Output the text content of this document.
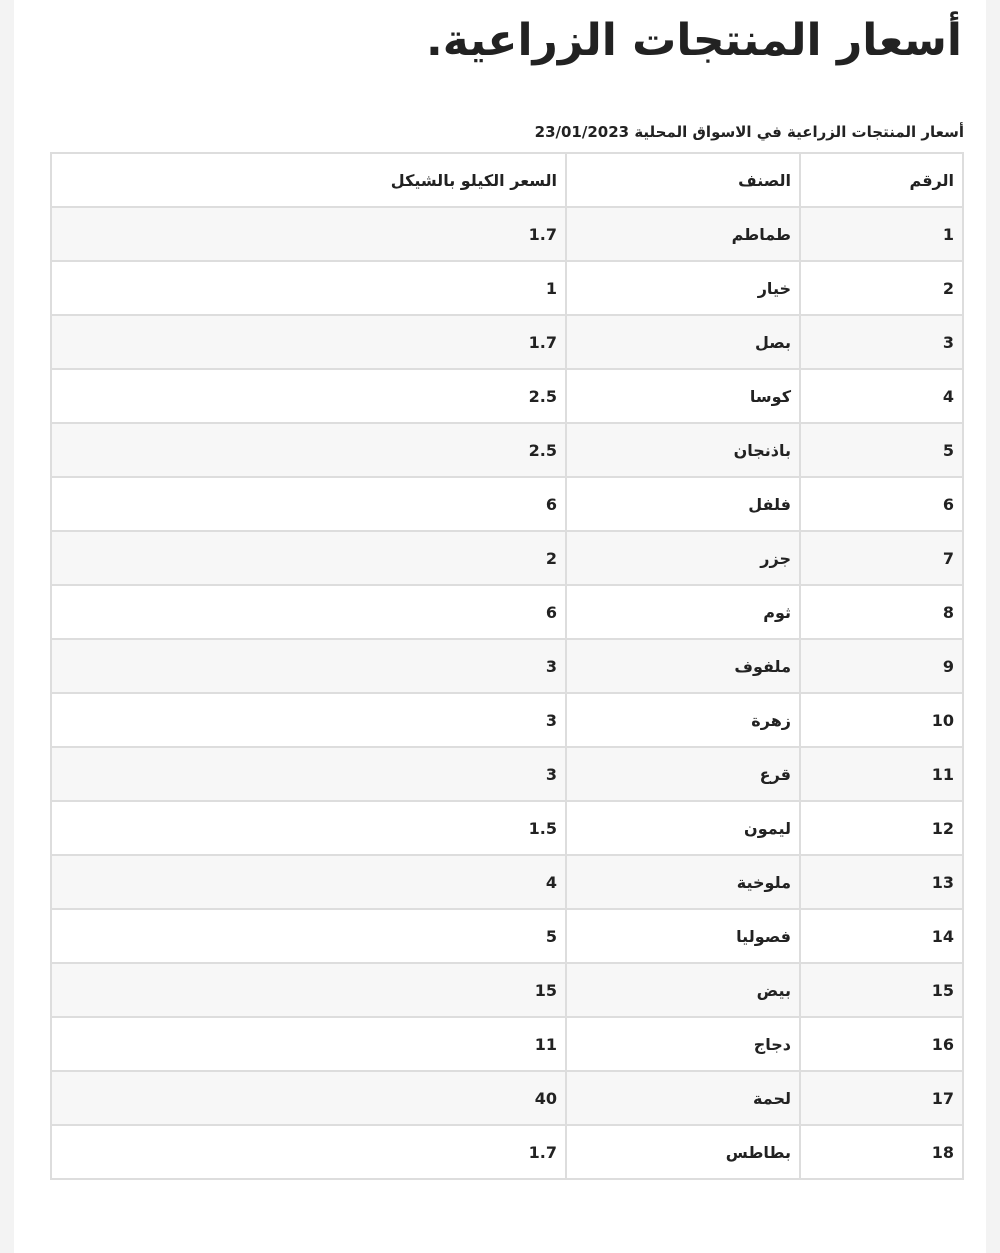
أسعار المنتجات الزراعية.

أسعار المنتجات الزراعية في الاسواق المحلية 23/01/2023

الرقم	الصنف	السعر الكيلو بالشيكل
1	طماطم	1.7
2	خيار	1
3	بصل	1.7
4	كوسا	2.5
5	باذنجان	2.5
6	فلفل	6
7	جزر	2
8	ثوم	6
9	ملفوف	3
10	زهرة	3
11	قرع	3
12	ليمون	1.5
13	ملوخية	4
14	فصوليا	5
15	بيض	15
16	دجاج	11
17	لحمة	40
18	بطاطس	1.7
